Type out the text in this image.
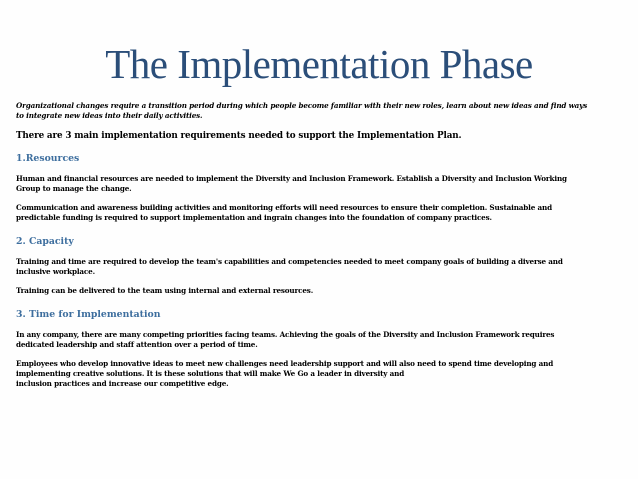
The Implementation Phase
Organizational changes require a transition period during which people become familiar with their new roles, learn about new ideas and find ways
to integrate new ideas into their daily activities.
There are 3 main implementation requirements needed to support the Implementation Plan.
1.Resources
Human and financial resources are needed to implement the Diversity and Inclusion Framework. Establish a Diversity and Inclusion Working
Group to manage the change.
Communication and awareness building activities and monitoring efforts will need resources to ensure their completion. Sustainable and
predictable funding is required to support implementation and ingrain changes into the foundation of company practices.
2. Capacity
Training and time are required to develop the team's capabilities and competencies needed to meet company goals of building a diverse and
inclusive workplace.
Training can be delivered to the team using internal and external resources.
3. Time for Implementation
In any company, there are many competing priorities facing teams. Achieving the goals of the Diversity and Inclusion Framework requires
dedicated leadership and staff attention over a period of time.
Employees who develop innovative ideas to meet new challenges need leadership support and will also need to spend time developing and
implementing creative solutions. It is these solutions that will make We Go a leader in diversity and
inclusion practices and increase our competitive edge.
